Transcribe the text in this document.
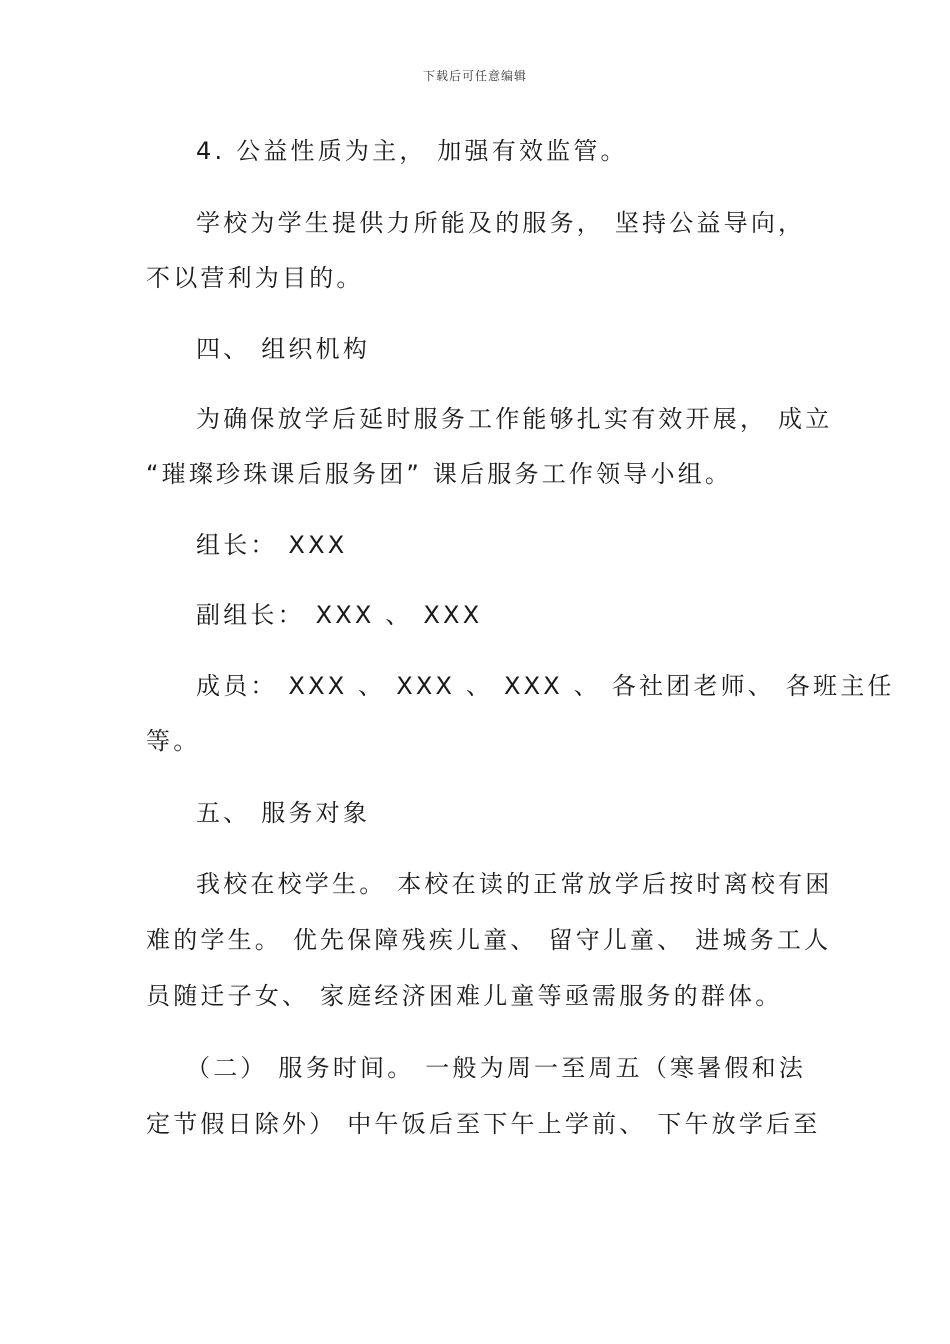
下载后可任意编辑
4. 公益性质为主， 加强有效监管。
学校为学生提供力所能及的服务， 坚持公益导向，
不以营利为目的。
四、 组织机构
为确保放学后延时服务工作能够扎实有效开展， 成立
“璀璨珍珠课后服务团” 课后服务工作领导小组。
组长： XXX
副组长： XXX 、 XXX
成员： XXX 、 XXX 、 XXX 、 各社团老师、 各班主任
等。
五、 服务对象
我校在校学生。 本校在读的正常放学后按时离校有困
难的学生。 优先保障残疾儿童、 留守儿童、 进城务工人
员随迁子女、 家庭经济困难儿童等亟需服务的群体。
（二） 服务时间。 一般为周一至周五（寒暑假和法
定节假日除外） 中午饭后至下午上学前、 下午放学后至
